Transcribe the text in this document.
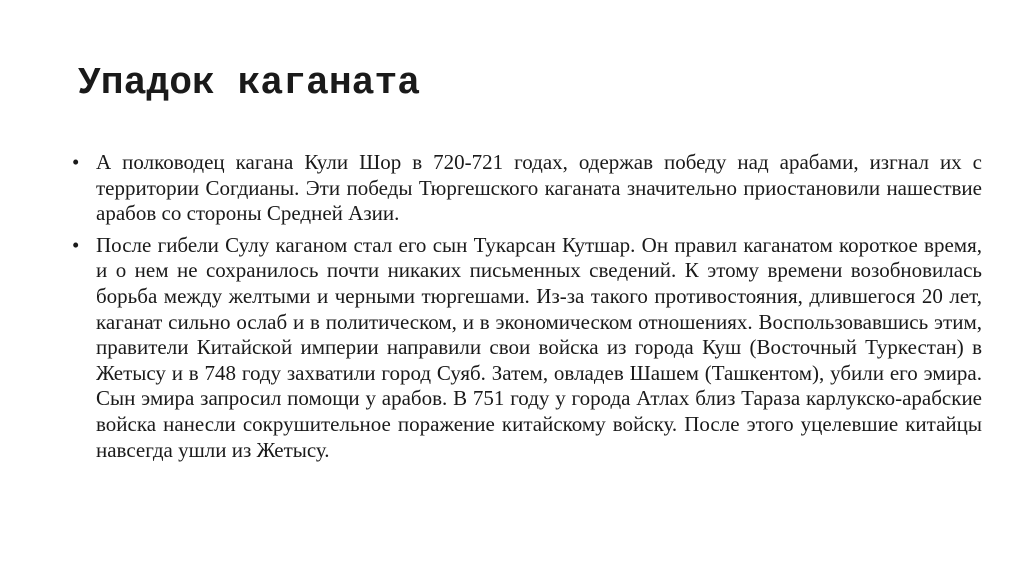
Упадок каганата
• А полководец кагана Кули Шор в 720-721 годах, одержав победу над арабами, изгнал их с территории Согдианы. Эти победы Тюргешского каганата значительно приостановили нашествие арабов со стороны Средней Азии.

• После гибели Сулу каганом стал его сын Тукарсан Кутшар. Он правил каганатом короткое время, и о нем не сохранилось почти никаких письменных сведений. К этому времени возобновилась борьба между желтыми и черными тюргешами. Из-за такого противостояния, длившегося 20 лет, каганат сильно ослаб и в политическом, и в экономическом отношениях. Воспользовавшись этим, правители Китайской империи направили свои войска из города Куш (Восточный Туркестан) в Жетысу и в 748 году захватили город Суяб. Затем, овладев Шашем (Ташкентом), убили его эмира. Сын эмира запросил помощи у арабов. В 751 году у города Атлах близ Тараза карлукско-арабские войска нанесли сокрушительное поражение китайскому войску. После этого уцелевшие китайцы навсегда ушли из Жетысу.
